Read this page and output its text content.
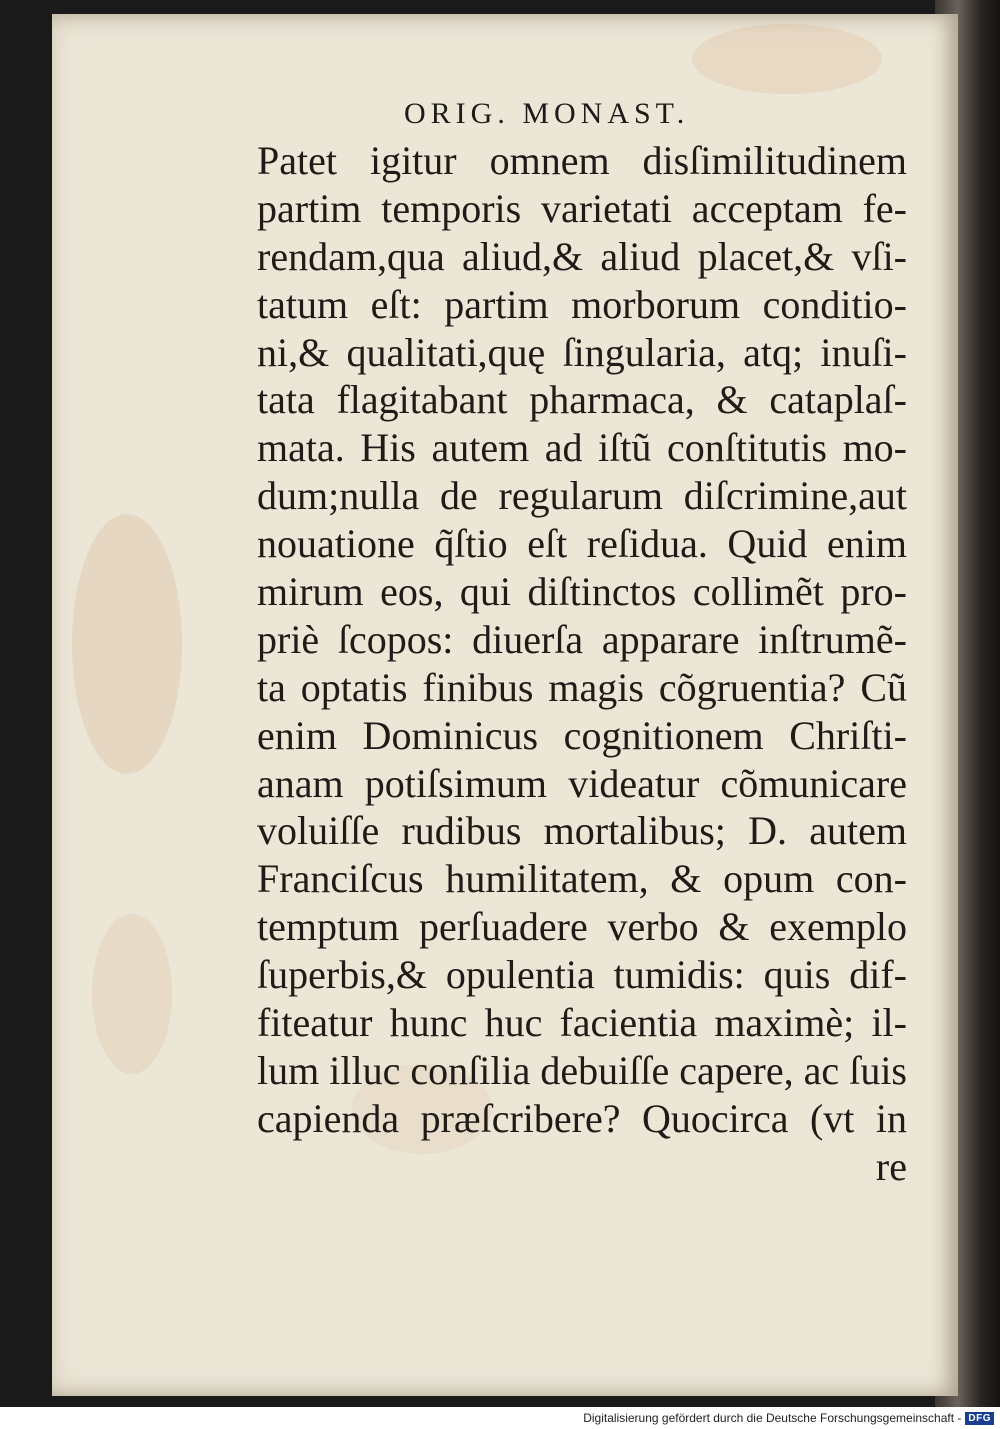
ORIG. MONAST.
Patet igitur omnem disſimilitudinem
partim temporis varietati acceptam fe-
rendam,qua aliud,& aliud placet,& vſi-
tatum eſt: partim morborum conditio-
ni,& qualitati,quę ſingularia, atq; inuſi-
tata flagitabant pharmaca, & cataplaſ-
mata. His autem ad iſtũ conſtitutis mo-
dum;nulla de regularum diſcrimine,aut
nouatione q̃ſtio eſt reſidua. Quid enim
mirum eos, qui diſtinctos collimẽt pro-
priè ſcopos: diuerſa apparare inſtrumẽ-
ta optatis finibus magis cõgruentia? Cũ
enim Dominicus cognitionem Chriſti-
anam potiſsimum videatur cõmunicare
voluiſſe rudibus mortalibus; D. autem
Franciſcus humilitatem, & opum con-
temptum perſuadere verbo & exemplo
ſuperbis,& opulentia tumidis: quis dif-
fiteatur hunc huc facientia maximè; il-
lum illuc conſilia debuiſſe capere, ac ſuis
capienda præſcribere? Quocirca (vt in
re
Digitalisierung gefördert durch die Deutsche Forschungsgemeinschaft - DFG
